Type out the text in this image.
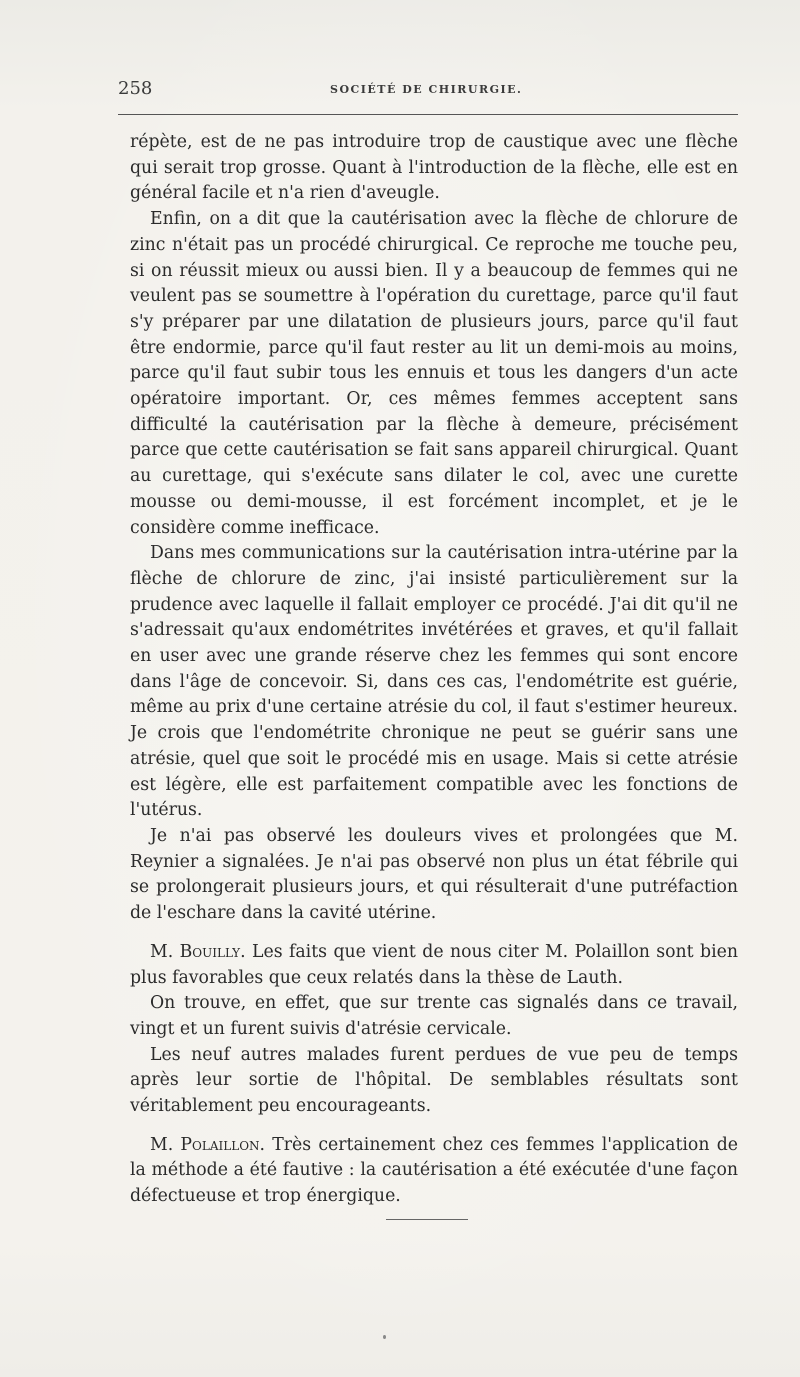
258	SOCIÉTÉ DE CHIRURGIE.

répète, est de ne pas introduire trop de caustique avec une flèche qui serait trop grosse. Quant à l'introduction de la flèche, elle est en général facile et n'a rien d'aveugle.

Enfin, on a dit que la cautérisation avec la flèche de chlorure de zinc n'était pas un procédé chirurgical. Ce reproche me touche peu, si on réussit mieux ou aussi bien. Il y a beaucoup de femmes qui ne veulent pas se soumettre à l'opération du curettage, parce qu'il faut s'y préparer par une dilatation de plusieurs jours, parce qu'il faut être endormie, parce qu'il faut rester au lit un demi-mois au moins, parce qu'il faut subir tous les ennuis et tous les dangers d'un acte opératoire important. Or, ces mêmes femmes acceptent sans difficulté la cautérisation par la flèche à demeure, précisément parce que cette cautérisation se fait sans appareil chirurgical. Quant au curettage, qui s'exécute sans dilater le col, avec une curette mousse ou demi-mousse, il est forcément incomplet, et je le considère comme inefficace.

Dans mes communications sur la cautérisation intra-utérine par la flèche de chlorure de zinc, j'ai insisté particulièrement sur la prudence avec laquelle il fallait employer ce procédé. J'ai dit qu'il ne s'adressait qu'aux endométrites invétérées et graves, et qu'il fallait en user avec une grande réserve chez les femmes qui sont encore dans l'âge de concevoir. Si, dans ces cas, l'endométrite est guérie, même au prix d'une certaine atrésie du col, il faut s'estimer heureux. Je crois que l'endométrite chronique ne peut se guérir sans une atrésie, quel que soit le procédé mis en usage. Mais si cette atrésie est légère, elle est parfaitement compatible avec les fonctions de l'utérus.

Je n'ai pas observé les douleurs vives et prolongées que M. Reynier a signalées. Je n'ai pas observé non plus un état fébrile qui se prolongerait plusieurs jours, et qui résulterait d'une putréfaction de l'eschare dans la cavité utérine.

M. Bouilly. Les faits que vient de nous citer M. Polaillon sont bien plus favorables que ceux relatés dans la thèse de Lauth.

On trouve, en effet, que sur trente cas signalés dans ce travail, vingt et un furent suivis d'atrésie cervicale.

Les neuf autres malades furent perdues de vue peu de temps après leur sortie de l'hôpital. De semblables résultats sont véritablement peu encourageants.

M. Polaillon. Très certainement chez ces femmes l'application de la méthode a été fautive : la cautérisation a été exécutée d'une façon défectueuse et trop énergique.
